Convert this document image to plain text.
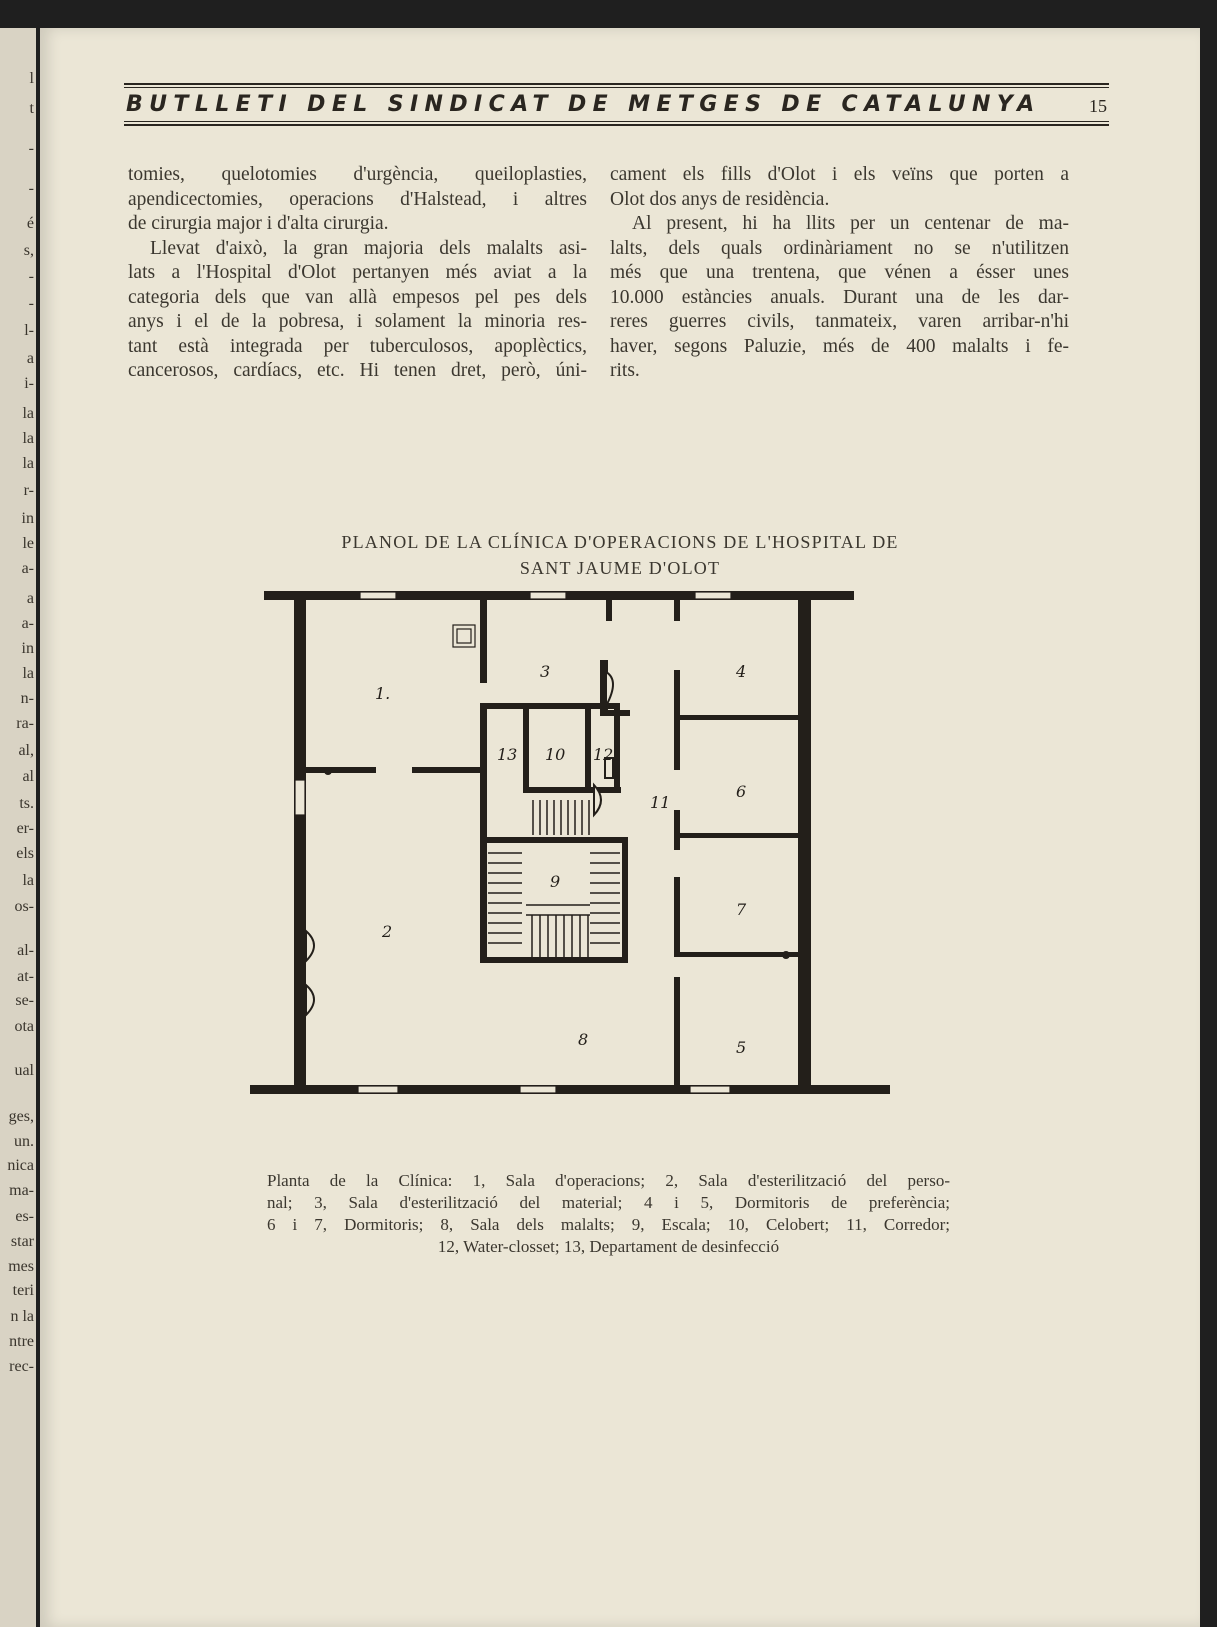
l
t
-
-
é
s,
-
-
l-
a
i-
la
la
la
r-
in
le
a-
a
a-
in
la
n-
ra-
al,
al
ts.
er-
els
la
os-
al-
at-
se-
ota
ual
ges,
un.
nica
ma-
es-
star
mes
teri
n la
ntre
rec-
BUTLLETI DEL SINDICAT DE METGES DE CATALUNYA	15
tomies, quelotomies d'urgència, queiloplasties,
apendicectomies, operacions d'Halstead, i altres
de cirurgia major i d'alta cirurgia.
Llevat d'això, la gran majoria dels malalts asi-
lats a l'Hospital d'Olot pertanyen més aviat a la
categoria dels que van allà empesos pel pes dels
anys i el de la pobresa, i solament la minoria res-
tant està integrada per tuberculosos, apoplèctics,
cancerosos, cardíacs, etc. Hi tenen dret, però, úni-
cament els fills d'Olot i els veïns que porten a
Olot dos anys de residència.
Al present, hi ha llits per un centenar de ma-
lalts, dels quals ordinàriament no se n'utilitzen
més que una trentena, que vénen a ésser unes
10.000 estàncies anuals. Durant una de les dar-
reres guerres civils, tanmateix, varen arribar-n'hi
haver, segons Paluzie, més de 400 malalts i fe-
rits.
PLANOL DE LA CLÍNICA D'OPERACIONS DE L'HOSPITAL DE
SANT JAUME D'OLOT
1.
2
3	4
5
6
7
8
9
10
11
12
13
Planta de la Clínica: 1, Sala d'operacions; 2, Sala d'esterilització del perso-
nal; 3, Sala d'esterilització del material; 4 i 5, Dormitoris de preferència;
6 i 7, Dormitoris; 8, Sala dels malalts; 9, Escala; 10, Celobert; 11, Corredor;
12, Water-closset; 13, Departament de desinfecció
